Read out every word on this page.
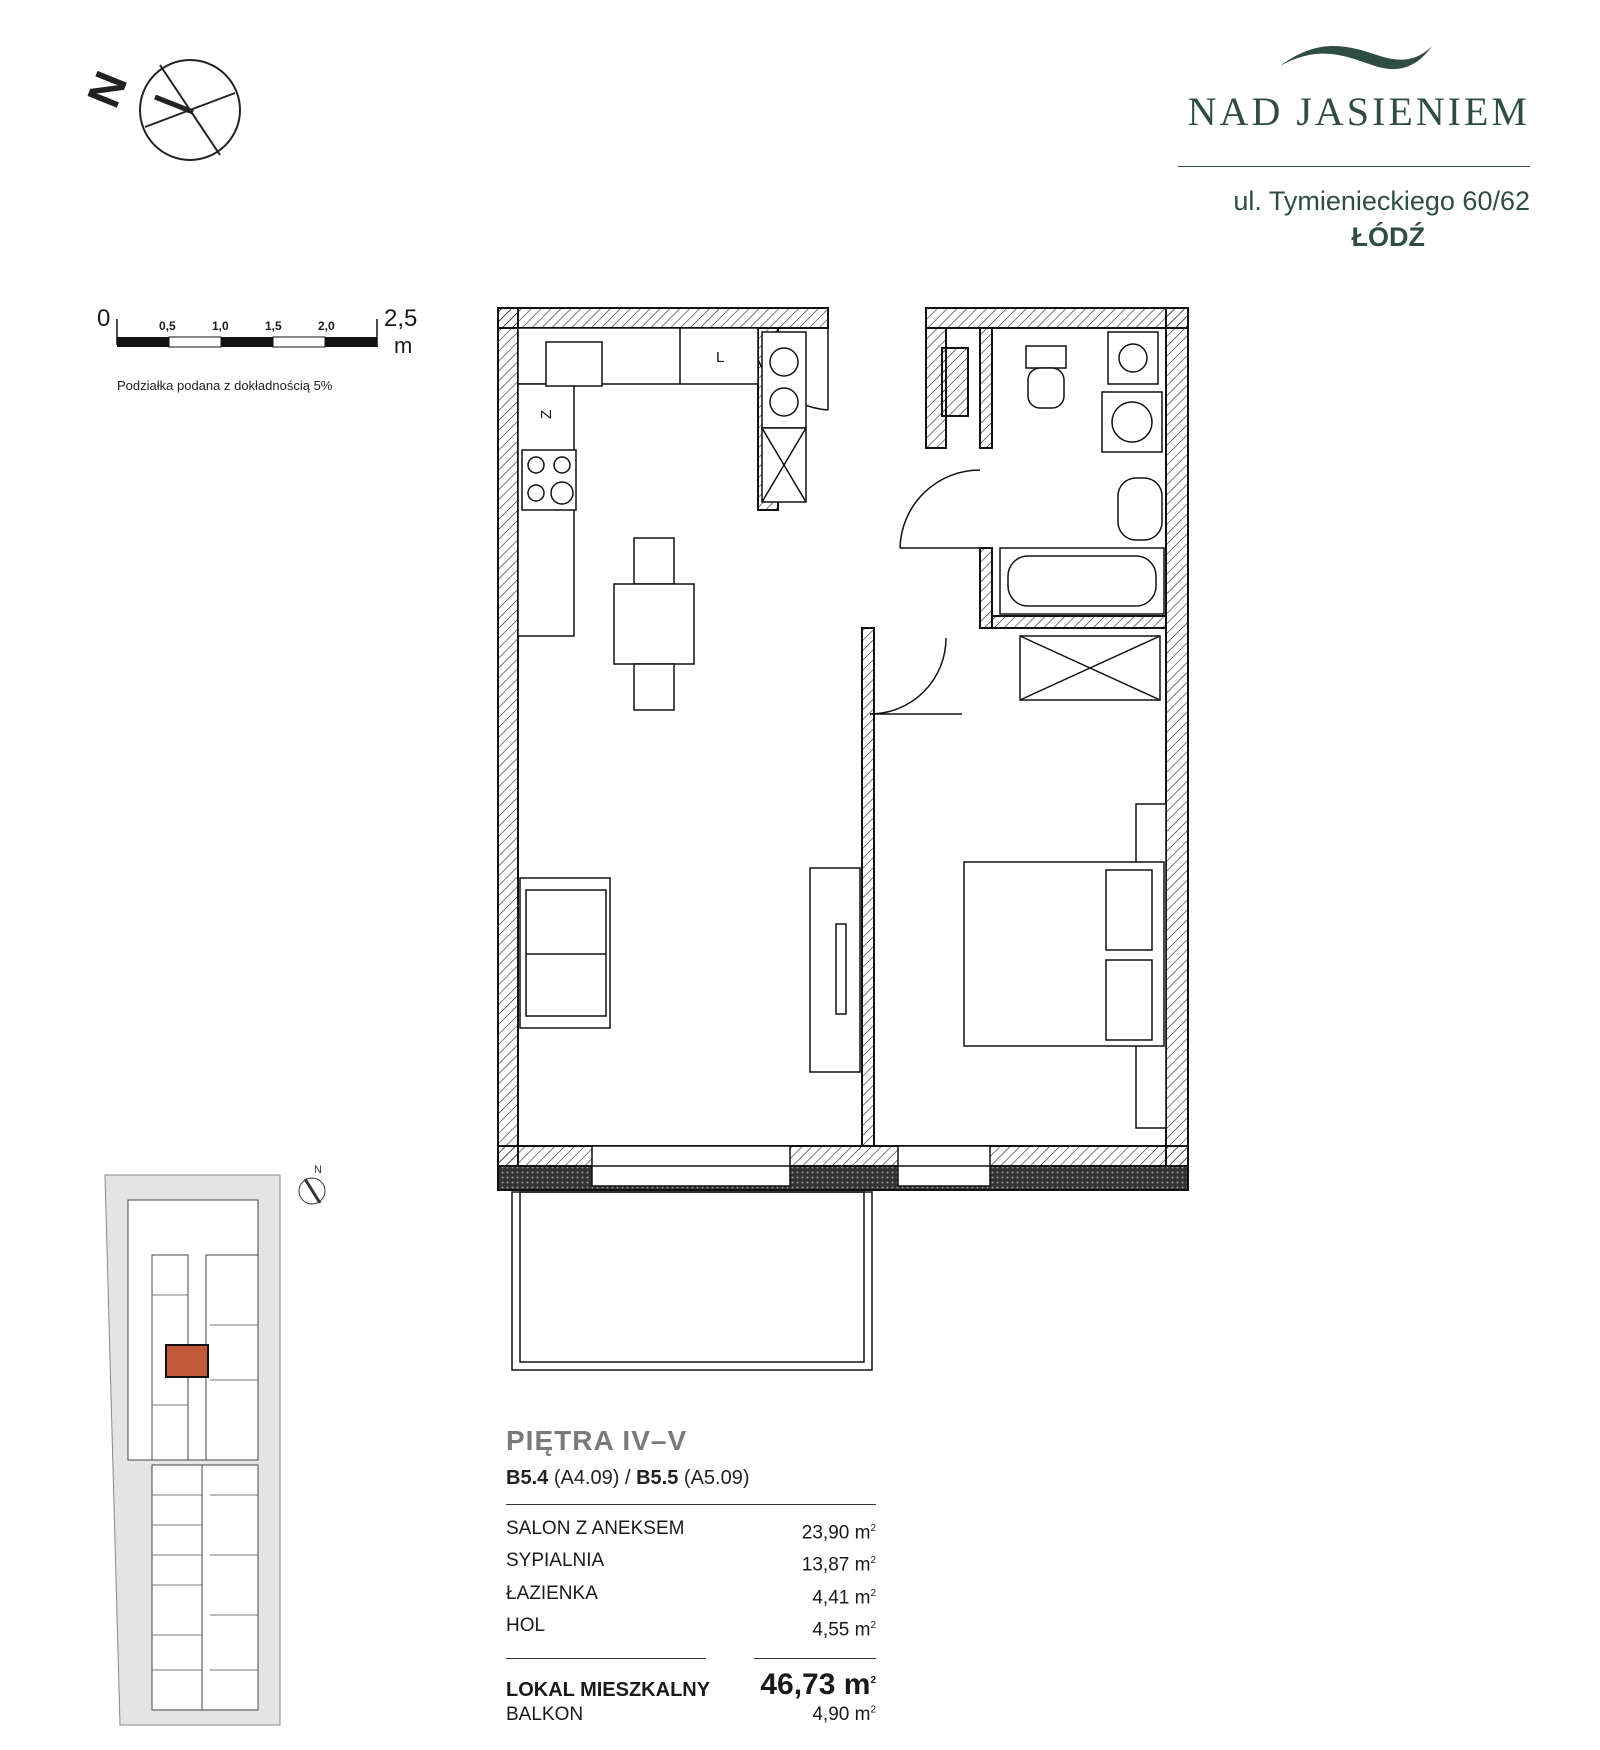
N
0	0,5	1,0	1,5	2,0 2,5
m
Podziałka podana z dokładnością 5%
NAD JASIENIEM
ul. Tymienieckiego 60/62
ŁÓDŹ
L
Z
N
PIĘTRA IV–V
B5.4 (A4.09) / B5.5 (A5.09)
SALON Z ANEKSEM	23,90 $m^2$
SYPIALNIA	13,87 $m^2$
ŁAZIENKA	4,41 $m^2$
HOL	4,55 $m^2$
LOKAL MIESZKALNY 46,73 $m^2$
BALKON	4,90 $m^2$
